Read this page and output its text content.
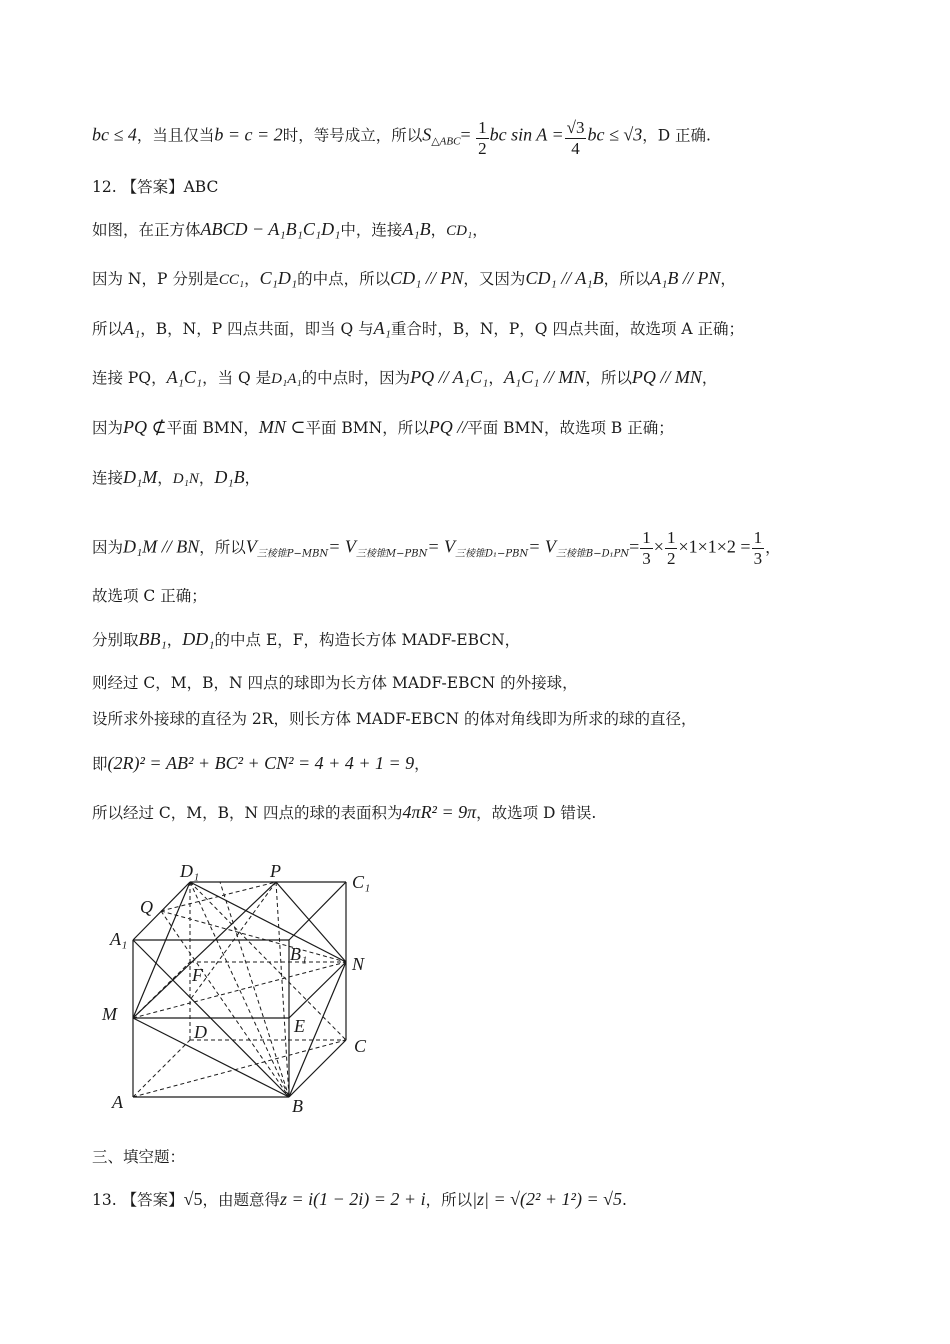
bc ≤ 4，当且仅当b = c = 2时，等号成立，所以$S_{\triangle ABC}= \frac{1}{2}$ bc $\sin A = \frac{√3}{4}$ bc ≤ √3，D 正确.
12. 【答案】ABC
如图，在正方体ABCD − A₁B₁C₁D₁中，连接A₁B，CD₁，
因为 N，P 分别是CC₁，C₁D₁的中点，所以CD₁ // PN，又因为CD₁ // A₁B，所以A₁B // PN，
所以A₁，B，N，P 四点共面，即当 Q 与A₁重合时，B，N，P，Q 四点共面，故选项 A 正确；
连接 PQ，A₁C₁，当 Q 是D₁A₁的中点时，因为PQ // A₁C₁，A₁C₁ // MN，所以PQ // MN，
因为PQ ⊄平面 BMN，MN ⊂平面 BMN，所以PQ //平面 BMN，故选项 B 正确；
连接D₁M，D₁N，D₁B，
因为D₁M // BN，所以$V_{三棱锥P-MBN}= V_{三棱锥M-PBN}= V_{三棱锥D_1-PBN}= V_{三棱锥B-D_1PN}= \frac{1}{3} \times \frac{1}{2} \times 1\times 1\times 2 = \frac{1}{3}$ ，
故选项 C 正确；
分别取BB₁，DD₁的中点 E，F，构造长方体 MADF-EBCN，
则经过 C，M，B，N 四点的球即为长方体 MADF-EBCN 的外接球，
设所求外接球的直径为 2R，则长方体 MADF-EBCN 的体对角线即为所求的球的直径，
即(2R)² = AB² + BC² + CN² = 4 + 4 + 1 = 9，
所以经过 C，M，B，N 四点的球的表面积为4πR² = 9π，故选项 D 错误.
D₁	P
C₁
Q
A₁
B₁ N
F
M
D	E
C
A	B
三、填空题：
13. 【答案】√5，由题意得z = i(1 − 2i) = 2 + i，所以|z| = √(2² + 1²) = √5.
